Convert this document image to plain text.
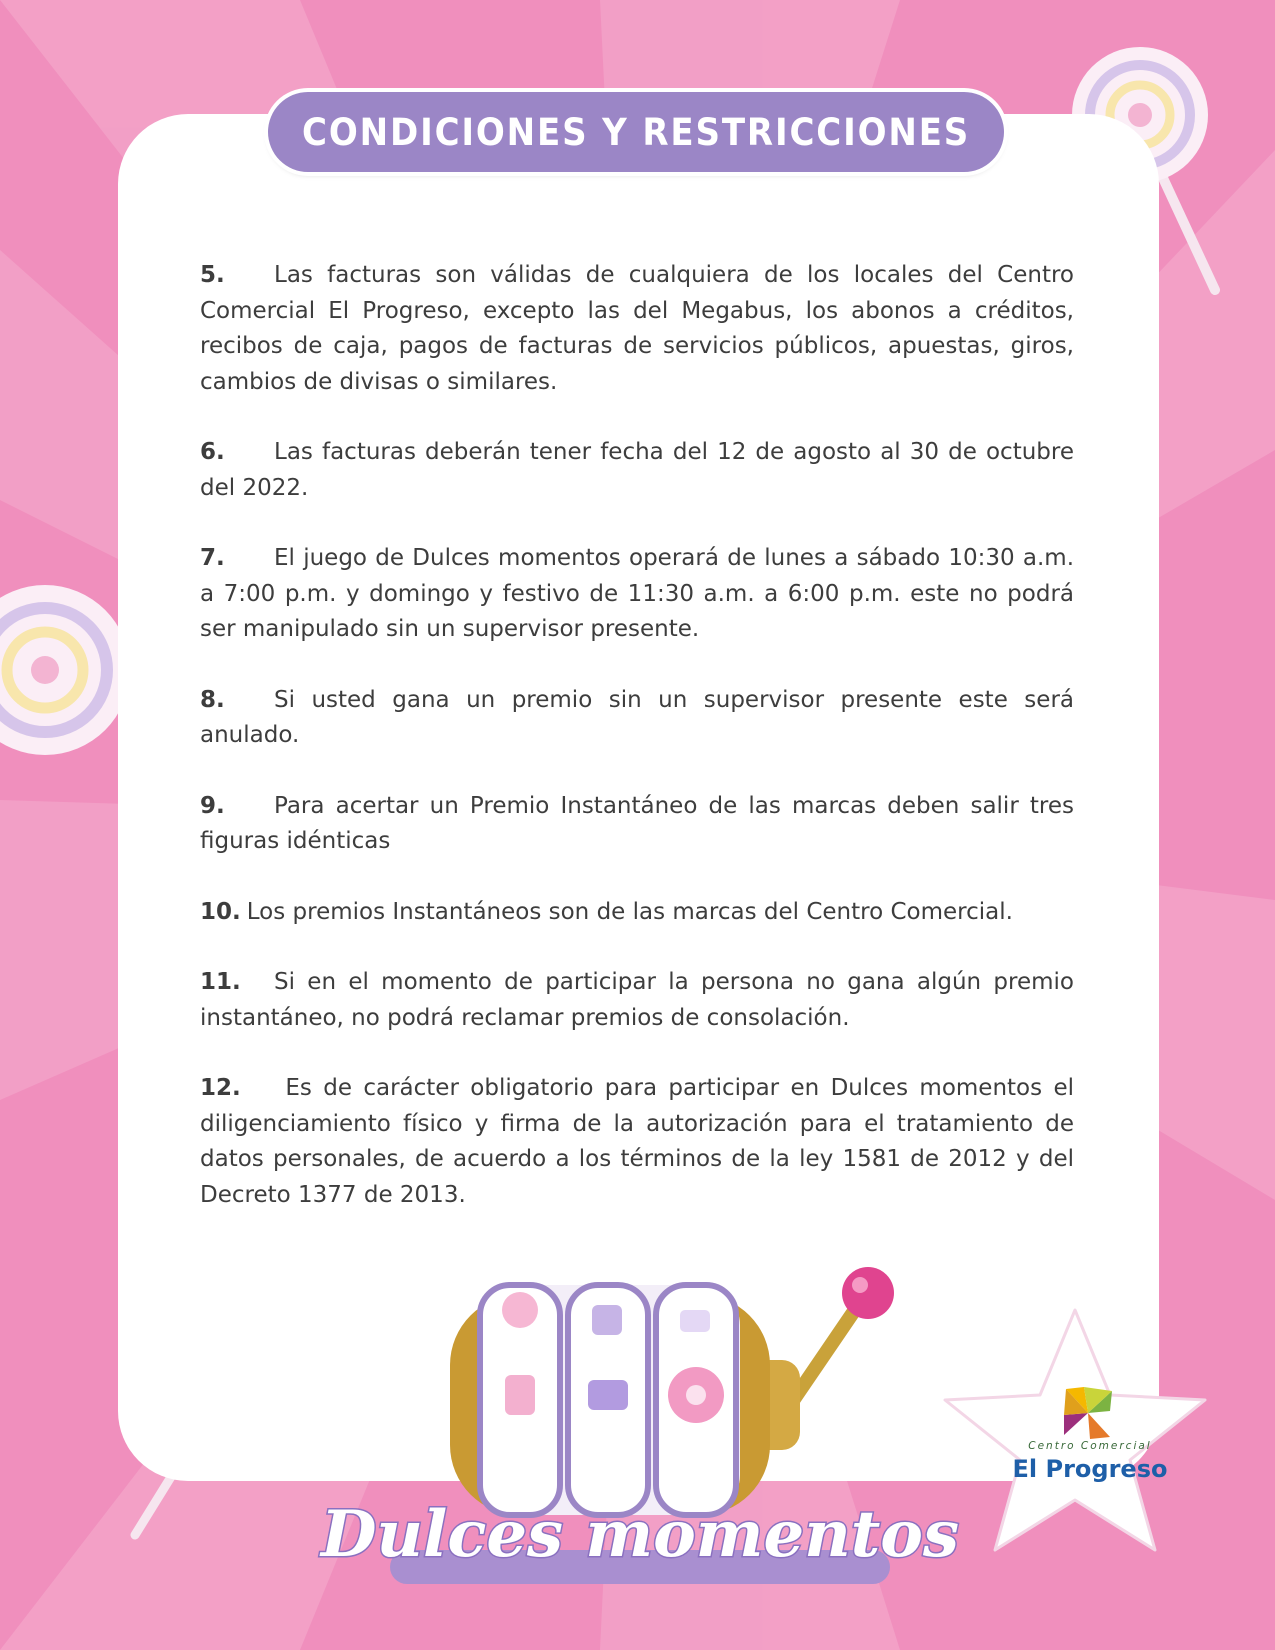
CONDICIONES Y RESTRICCIONES
5. Las facturas son válidas de cualquiera de los locales del Centro Comercial El Progreso, excepto las del Megabus, los abonos a créditos, recibos de caja, pagos de facturas de servicios públicos, apuestas, giros, cambios de divisas o similares.
6. Las facturas deberán tener fecha del 12 de agosto al 30 de octubre del 2022.
7. El juego de Dulces momentos operará de lunes a sábado 10:30 a.m. a 7:00 p.m. y domingo y festivo de 11:30 a.m. a 6:00 p.m. este no podrá ser manipulado sin un supervisor presente.
8. Si usted gana un premio sin un supervisor presente este será anulado.
9. Para acertar un Premio Instantáneo de las marcas deben salir tres figuras idénticas
10. Los premios Instantáneos son de las marcas del Centro Comercial.
11. Si en el momento de participar la persona no gana algún premio instantáneo, no podrá reclamar premios de consolación.
12. Es de carácter obligatorio para participar en Dulces momentos el diligenciamiento físico y firma de la autorización para el tratamiento de datos personales, de acuerdo a los términos de la ley 1581 de 2012 y del Decreto 1377 de 2013.
Dulces momentos
Centro Comercial
El Progreso
